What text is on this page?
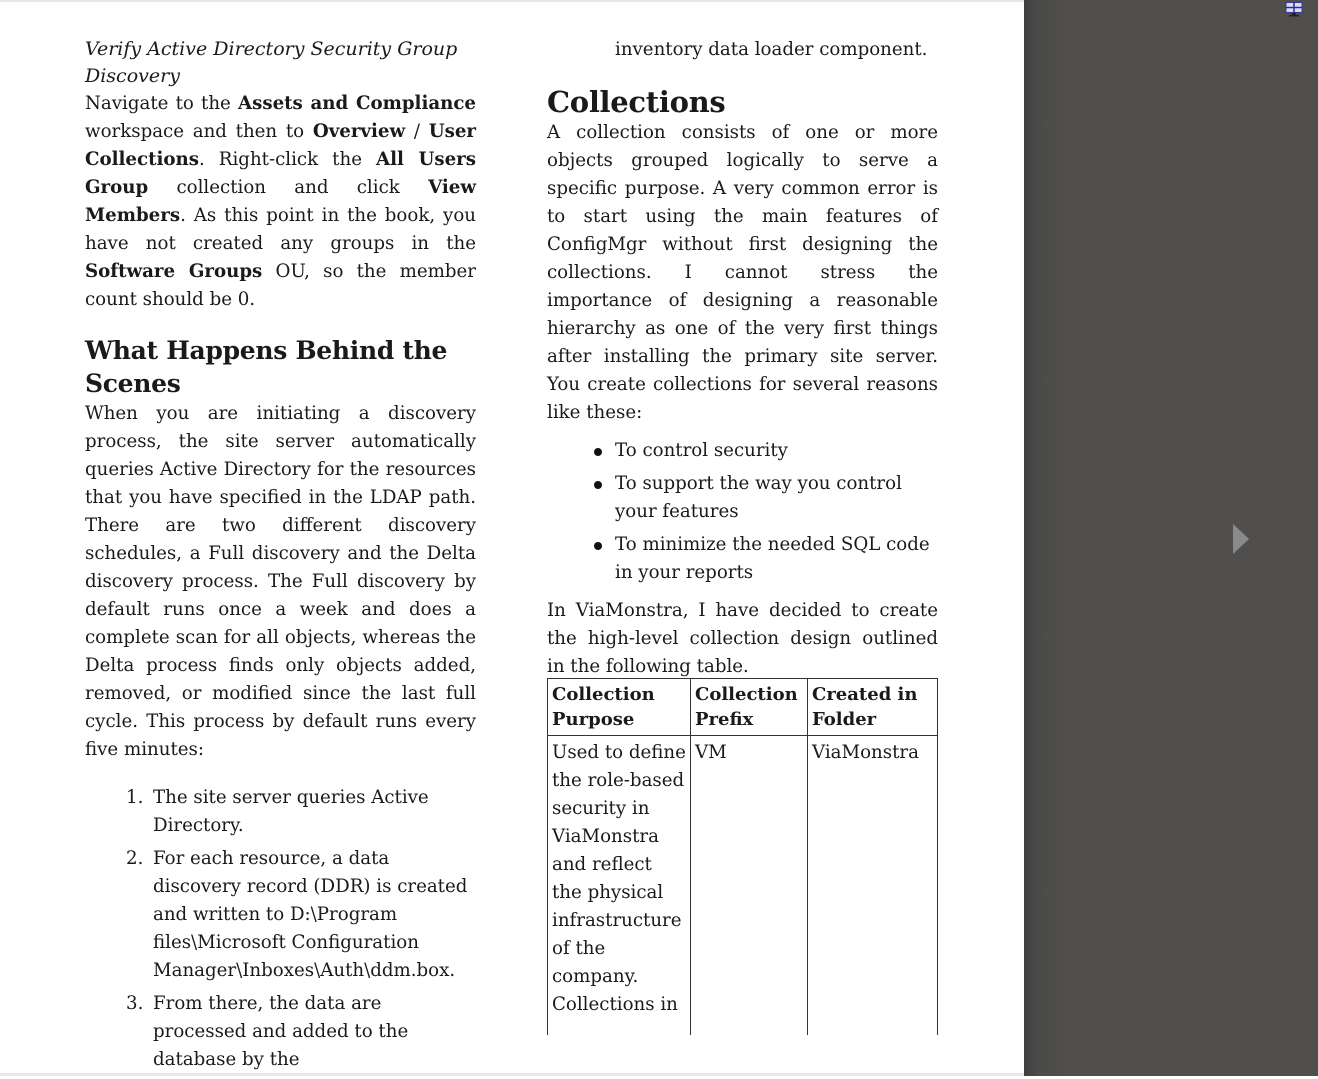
Verify Active Directory Security Group Discovery

Navigate to the Assets and Compliance workspace and then to Overview / User Collections. Right-click the All Users Group collection and click View Members. As this point in the book, you have not created any groups in the Software Groups OU, so the member count should be 0.

What Happens Behind the Scenes

When you are initiating a discovery process, the site server automatically queries Active Directory for the resources that you have specified in the LDAP path. There are two different discovery schedules, a Full discovery and the Delta discovery process. The Full discovery by default runs once a week and does a complete scan for all objects, whereas the Delta process finds only objects added, removed, or modified since the last full cycle. This process by default runs every five minutes:

1. The site server queries Active Directory.
2. For each resource, a data discovery record (DDR) is created and written to D:\Program files\Microsoft Configuration Manager\Inboxes\Auth\ddm.box.
3. From there, the data are processed and added to the database by the

inventory data loader component.

Collections

A collection consists of one or more objects grouped logically to serve a specific purpose. A very common error is to start using the main features of ConfigMgr without first designing the collections. I cannot stress the importance of designing a reasonable hierarchy as one of the very first things after installing the primary site server. You create collections for several reasons like these:

To control security
To support the way you control your features
To minimize the needed SQL code in your reports

In ViaMonstra, I have decided to create the high-level collection design outlined in the following table.

Collection Purpose	Collection Prefix	Created in Folder
Used to define the role-based security in ViaMonstra and reflect the physical infrastructure of the company. Collections in	VM	ViaMonstra
